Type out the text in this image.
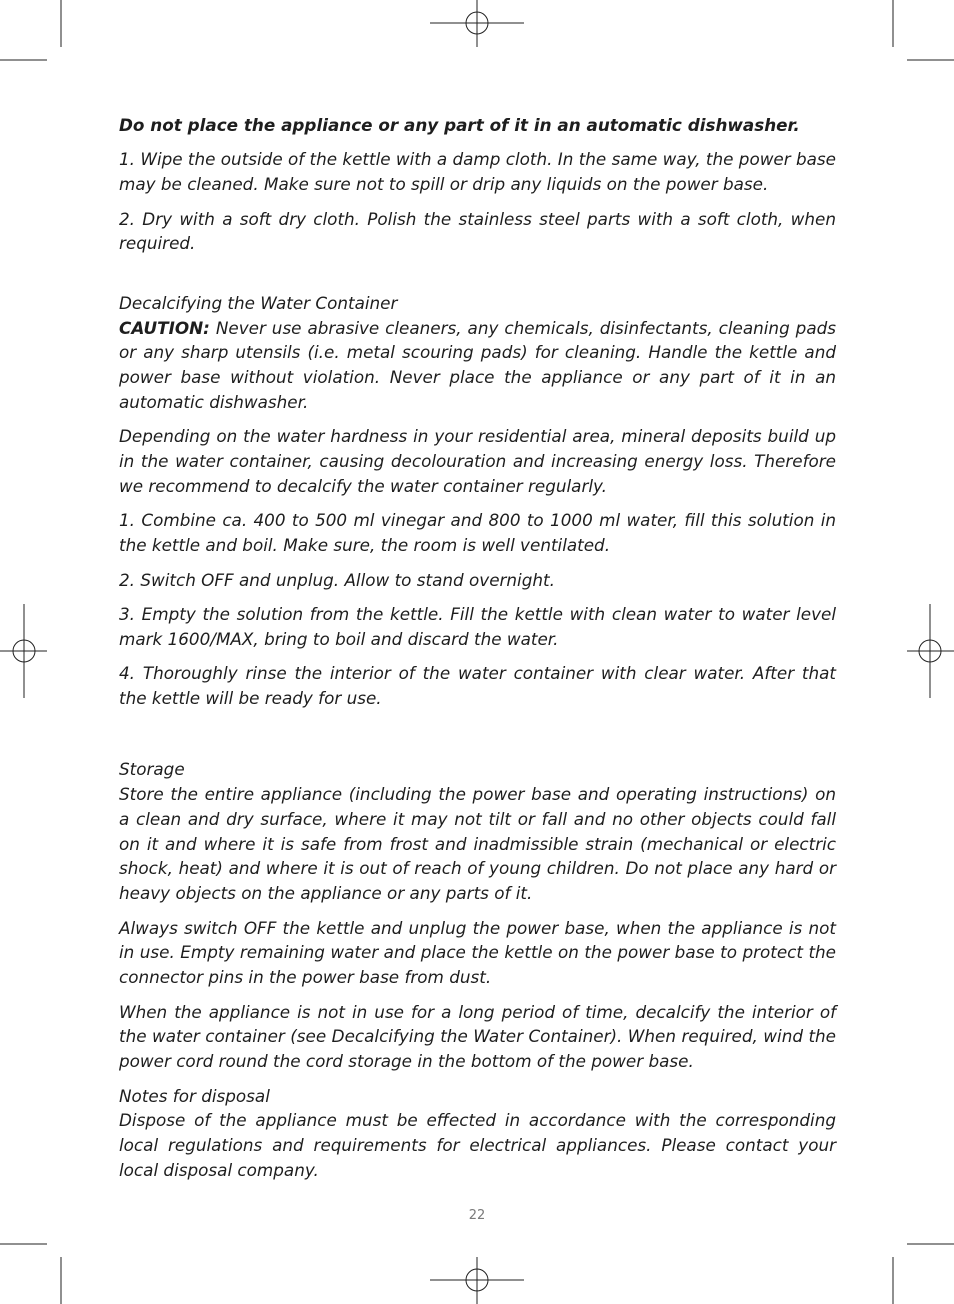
Do not place the appliance or any part of it in an automatic dishwasher.

1. Wipe the outside of the kettle with a damp cloth. In the same way, the power base may be cleaned. Make sure not to spill or drip any liquids on the power base.

2. Dry with a soft dry cloth. Polish the stainless steel parts with a soft cloth, when required.

Decalcifying the Water Container

CAUTION: Never use abrasive cleaners, any chemicals, disinfectants, cleaning pads or any sharp utensils (i.e. metal scouring pads) for cleaning. Handle the kettle and power base without violation. Never place the appliance or any part of it in an automatic dishwasher.

Depending on the water hardness in your residential area, mineral deposits build up in the water container, causing decolouration and increasing energy loss. Therefore we recommend to decalcify the water container regularly.

1. Combine ca. 400 to 500 ml vinegar and 800 to 1000 ml water, fill this solution in the kettle and boil. Make sure, the room is well ventilated.

2. Switch OFF and unplug. Allow to stand overnight.

3. Empty the solution from the kettle. Fill the kettle with clean water to water level mark 1600/MAX, bring to boil and discard the water.

4. Thoroughly rinse the interior of the water container with clear water. After that the kettle will be ready for use.

Storage

Store the entire appliance (including the power base and operating instructions) on a clean and dry surface, where it may not tilt or fall and no other objects could fall on it and where it is safe from frost and inadmissible strain (mechanical or electric shock, heat) and where it is out of reach of young children. Do not place any hard or heavy objects on the appliance or any parts of it.

Always switch OFF the kettle and unplug the power base, when the appliance is not in use. Empty remaining water and place the kettle on the power base to protect the connector pins in the power base from dust.

When the appliance is not in use for a long period of time, decalcify the interior of the water container (see Decalcifying the Water Container). When required, wind the power cord round the cord storage in the bottom of the power base.

Notes for disposal

Dispose of the appliance must be effected in accordance with the corresponding local regulations and requirements for electrical appliances. Please contact your local disposal company.

22
